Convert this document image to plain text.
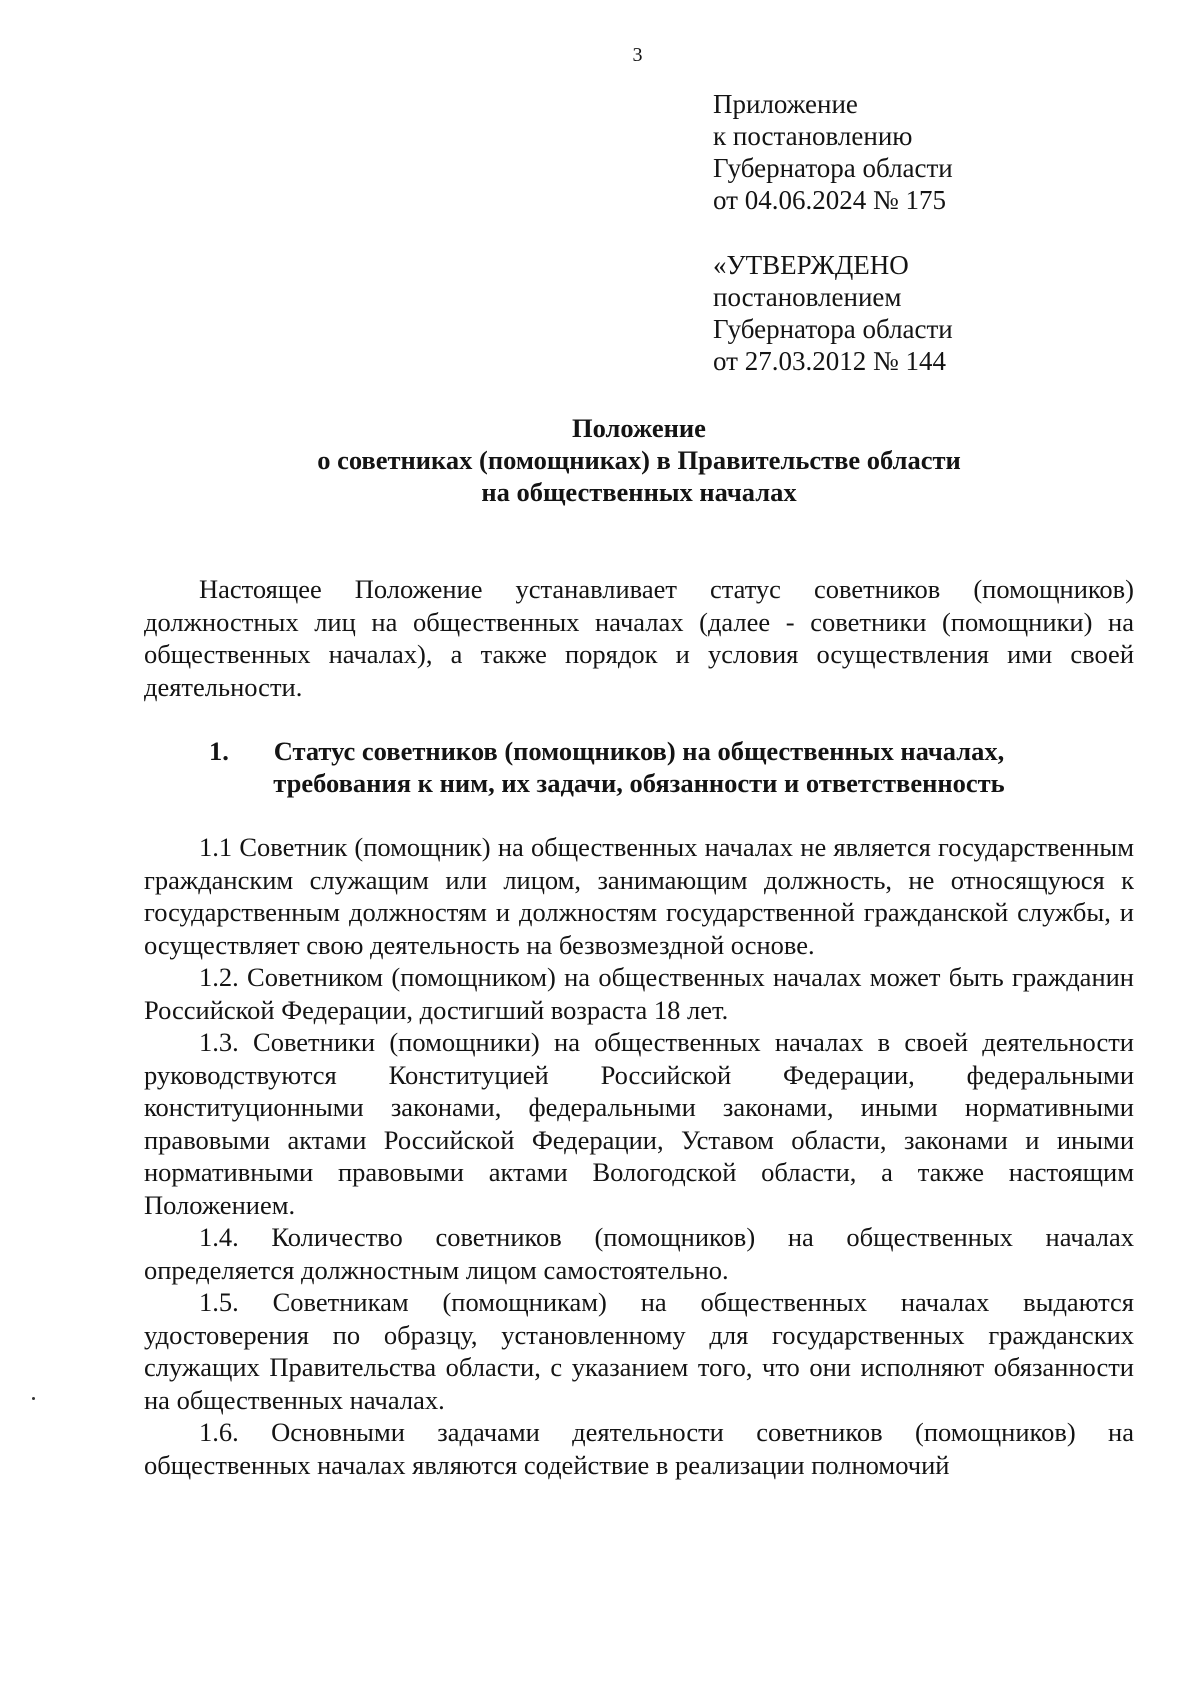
3
Приложение
к постановлению
Губернатора области
от 04.06.2024 № 175
«УТВЕРЖДЕНО
постановлением
Губернатора области
от 27.03.2012 № 144
Положение
о советниках (помощниках) в Правительстве области
на общественных началах

Настоящее Положение устанавливает статус советников (помощников) должностных лиц на общественных началах (далее - советники (помощники) на общественных началах), а также порядок и условия осуществления ими своей деятельности.

1.	Статус советников (помощников) на общественных началах,
требования к ним, их задачи, обязанности и ответственность

1.1 Советник (помощник) на общественных началах не является государственным гражданским служащим или лицом, занимающим должность, не относящуюся к государственным должностям и должностям государственной гражданской службы, и осуществляет свою деятельность на безвозмездной основе.

1.2. Советником (помощником) на общественных началах может быть гражданин Российской Федерации, достигший возраста 18 лет.

1.3. Советники (помощники) на общественных началах в своей деятельности руководствуются Конституцией Российской Федерации, федеральными конституционными законами, федеральными законами, иными нормативными правовыми актами Российской Федерации, Уставом области, законами и иными нормативными правовыми актами Вологодской области, а также настоящим Положением.

1.4. Количество советников (помощников) на общественных началах определяется должностным лицом самостоятельно.

1.5. Советникам (помощникам) на общественных началах выдаются удостоверения по образцу, установленному для государственных гражданских служащих Правительства области, с указанием того, что они исполняют обязанности на общественных началах.

1.6. Основными задачами деятельности советников (помощников) на общественных началах являются содействие в реализации полномочий
